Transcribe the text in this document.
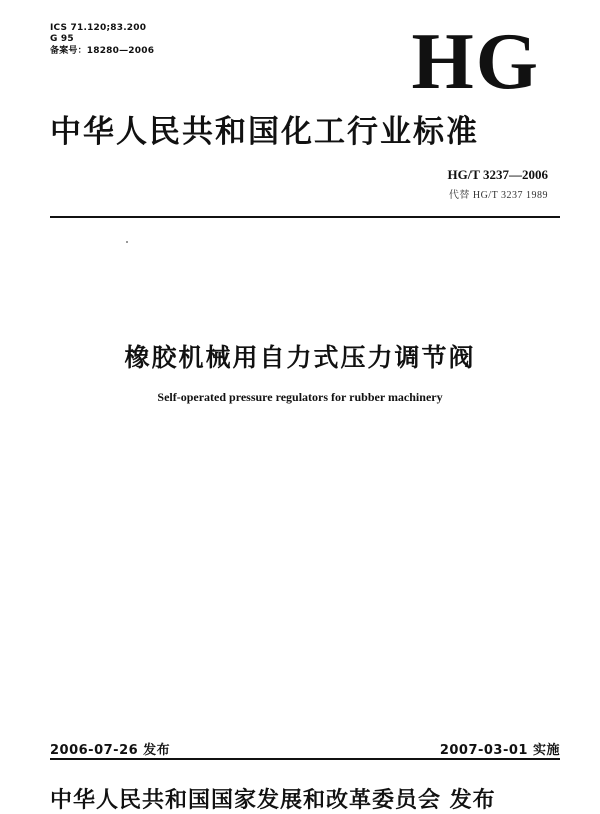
ICS 71.120;83.200
G 95
备案号：18280—2006	HG
中华人民共和国化工行业标准
HG/T 3237—2006
代替 HG/T 3237 1989
橡胶机械用自力式压力调节阀
Self-operated pressure regulators for rubber machinery
2006-07-26 发布	2007-03-01 实施
中华人民共和国国家发展和改革委员会 发布
